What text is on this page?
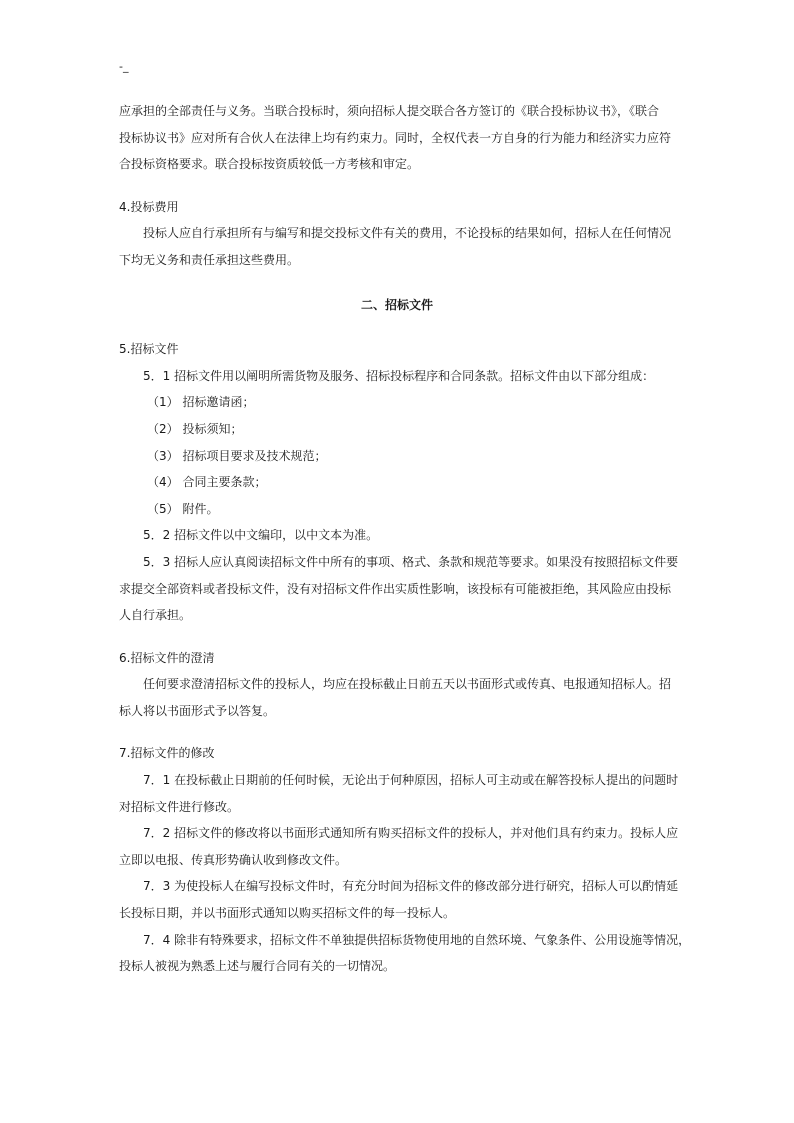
-_

应承担的全部责任与义务。当联合投标时，须向招标人提交联合各方签订的《联合投标协议书》，《联合

投标协议书》应对所有合伙人在法律上均有约束力。同时，全权代表一方自身的行为能力和经济实力应符

合投标资格要求。联合投标按资质较低一方考核和审定。

4.投标费用

投标人应自行承担所有与编写和提交投标文件有关的费用，不论投标的结果如何，招标人在任何情况

下均无义务和责任承担这些费用。

二、招标文件

5.招标文件

5．1 招标文件用以阐明所需货物及服务、招标投标程序和合同条款。招标文件由以下部分组成：

（1） 招标邀请函；

（2） 投标须知；

（3） 招标项目要求及技术规范；

（4） 合同主要条款；

（5） 附件。

5．2 招标文件以中文编印，以中文本为准。

5．3 招标人应认真阅读招标文件中所有的事项、格式、条款和规范等要求。如果没有按照招标文件要

求提交全部资料或者投标文件，没有对招标文件作出实质性影响，该投标有可能被拒绝，其风险应由投标

人自行承担。

6.招标文件的澄清

任何要求澄清招标文件的投标人，均应在投标截止日前五天以书面形式或传真、电报通知招标人。招

标人将以书面形式予以答复。

7.招标文件的修改

7．1 在投标截止日期前的任何时候，无论出于何种原因，招标人可主动或在解答投标人提出的问题时

对招标文件进行修改。

7．2 招标文件的修改将以书面形式通知所有购买招标文件的投标人，并对他们具有约束力。投标人应

立即以电报、传真形势确认收到修改文件。

7．3 为使投标人在编写投标文件时，有充分时间为招标文件的修改部分进行研究，招标人可以酌情延

长投标日期，并以书面形式通知以购买招标文件的每一投标人。

7．4 除非有特殊要求，招标文件不单独提供招标货物使用地的自然环境、气象条件、公用设施等情况，

投标人被视为熟悉上述与履行合同有关的一切情况。
